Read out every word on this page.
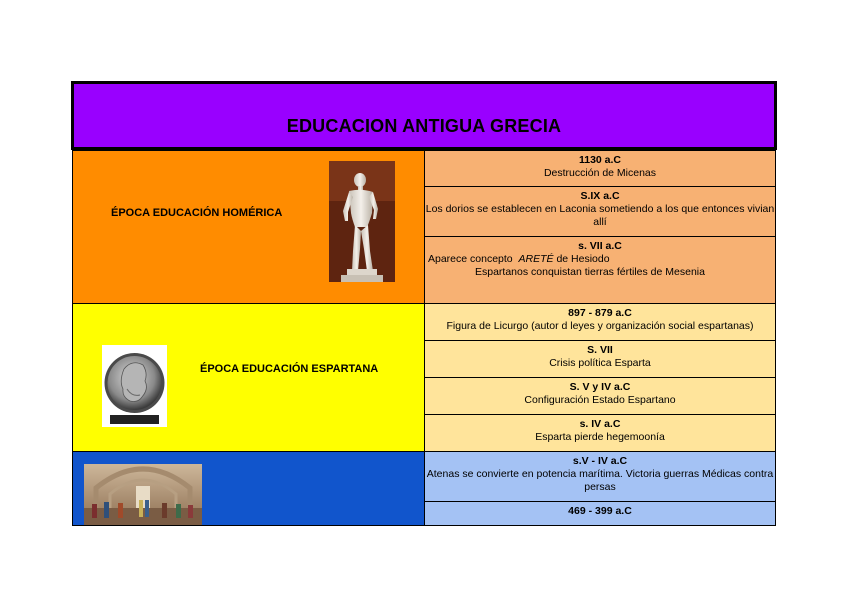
EDUCACION ANTIGUA GRECIA
ÉPOCA EDUCACIÓN HOMÉRICA
1130 a.C
Destrucción de Micenas
S.IX a.C
Los dorios se establecen en Laconia sometiendo a los que entonces vivian allí
s. VII a.C
Aparece concepto ARETÉ de Hesiodo
Espartanos conquistan tierras fértiles de Mesenia
ÉPOCA EDUCACIÓN ESPARTANA
897 - 879 a.C
Figura de Licurgo (autor d leyes y organización social espartanas)
S. VII
Crisis política Esparta
S. V y IV a.C
Configuración Estado Espartano
s. IV a.C
Esparta pierde hegemoonía
s.V - IV a.C
Atenas se convierte en potencia marítima. Victoria guerras Médicas contra persas
469 - 399 a.C
